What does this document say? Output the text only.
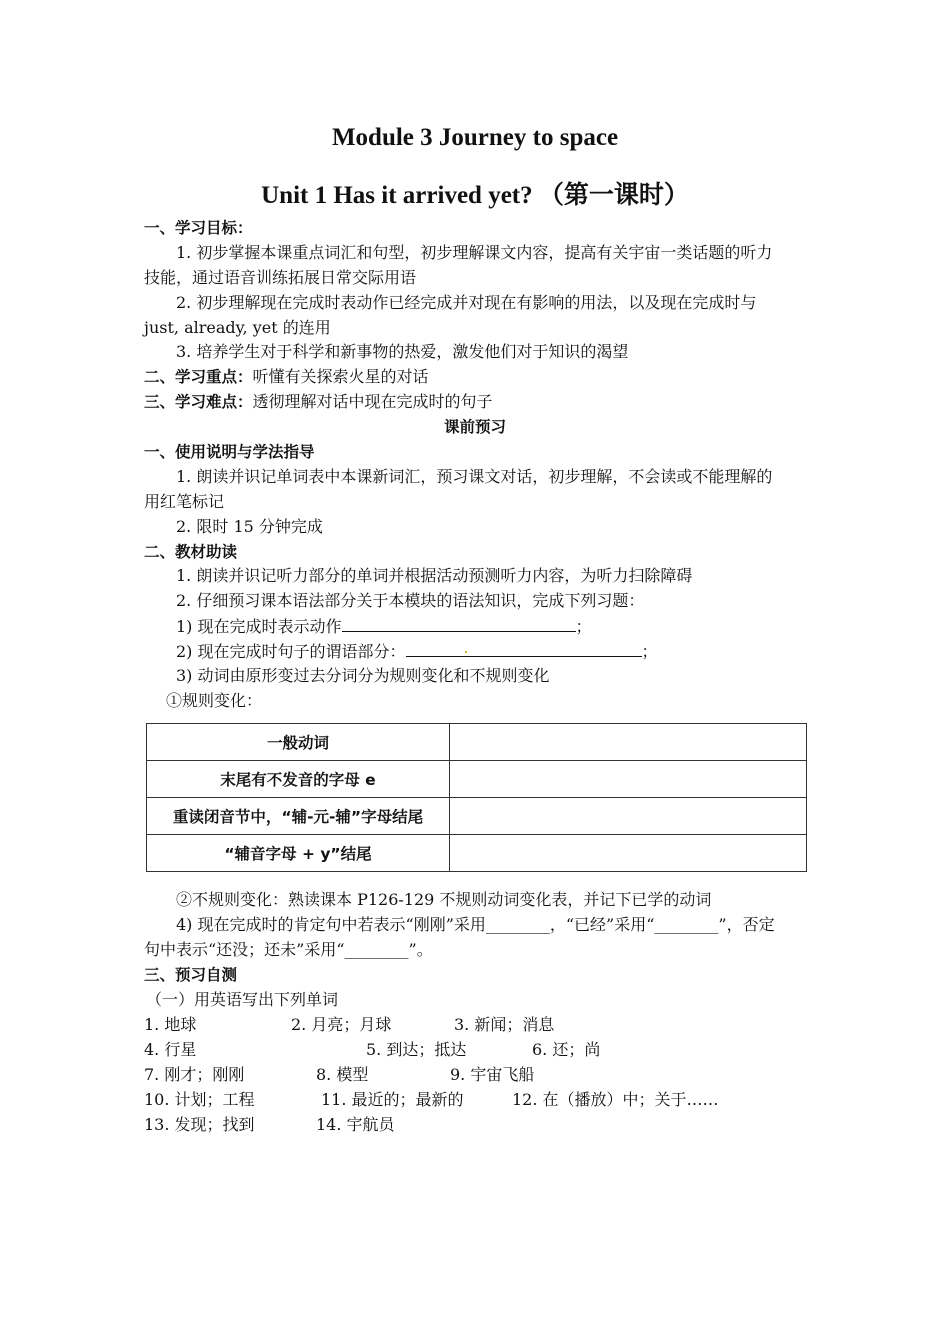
Module 3 Journey to space
Unit 1 Has it arrived yet? （第一课时）
一、学习目标：
1. 初步掌握本课重点词汇和句型，初步理解课文内容，提高有关宇宙一类话题的听力
技能，通过语音训练拓展日常交际用语
2. 初步理解现在完成时表动作已经完成并对现在有影响的用法，以及现在完成时与
just, already, yet 的连用
3. 培养学生对于科学和新事物的热爱，激发他们对于知识的渴望
二、学习重点：听懂有关探索火星的对话
三、学习难点：透彻理解对话中现在完成时的句子
课前预习
一、使用说明与学法指导
1. 朗读并识记单词表中本课新词汇，预习课文对话，初步理解，不会读或不能理解的
用红笔标记
2. 限时 15 分钟完成
二、教材助读
1. 朗读并识记听力部分的单词并根据活动预测听力内容，为听力扫除障碍
2. 仔细预习课本语法部分关于本模块的语法知识，完成下列习题：
1) 现在完成时表示动作	；
2) 现在完成时句子的谓语部分：	.	；
3) 动词由原形变过去分词分为规则变化和不规则变化
①规则变化：
一般动词	
末尾有不发音的字母 e	
重读闭音节中，“辅-元-辅”字母结尾	
“辅音字母 + y”结尾	
②不规则变化：熟读课本 P126-129 不规则动词变化表，并记下已学的动词
4) 现在完成时的肯定句中若表示“刚刚”采用________，“已经”采用“________”，否定
句中表示“还没；还未”采用“________”。
三、预习自测
（一）用英语写出下列单词
1. 地球	2. 月亮；月球	3. 新闻；消息
4. 行星	5. 到达；抵达	6. 还；尚
7. 刚才；刚刚	8. 模型	9. 宇宙飞船
10. 计划；工程	11. 最近的；最新的	12. 在（播放）中；关于……
13. 发现；找到	14. 宇航员
